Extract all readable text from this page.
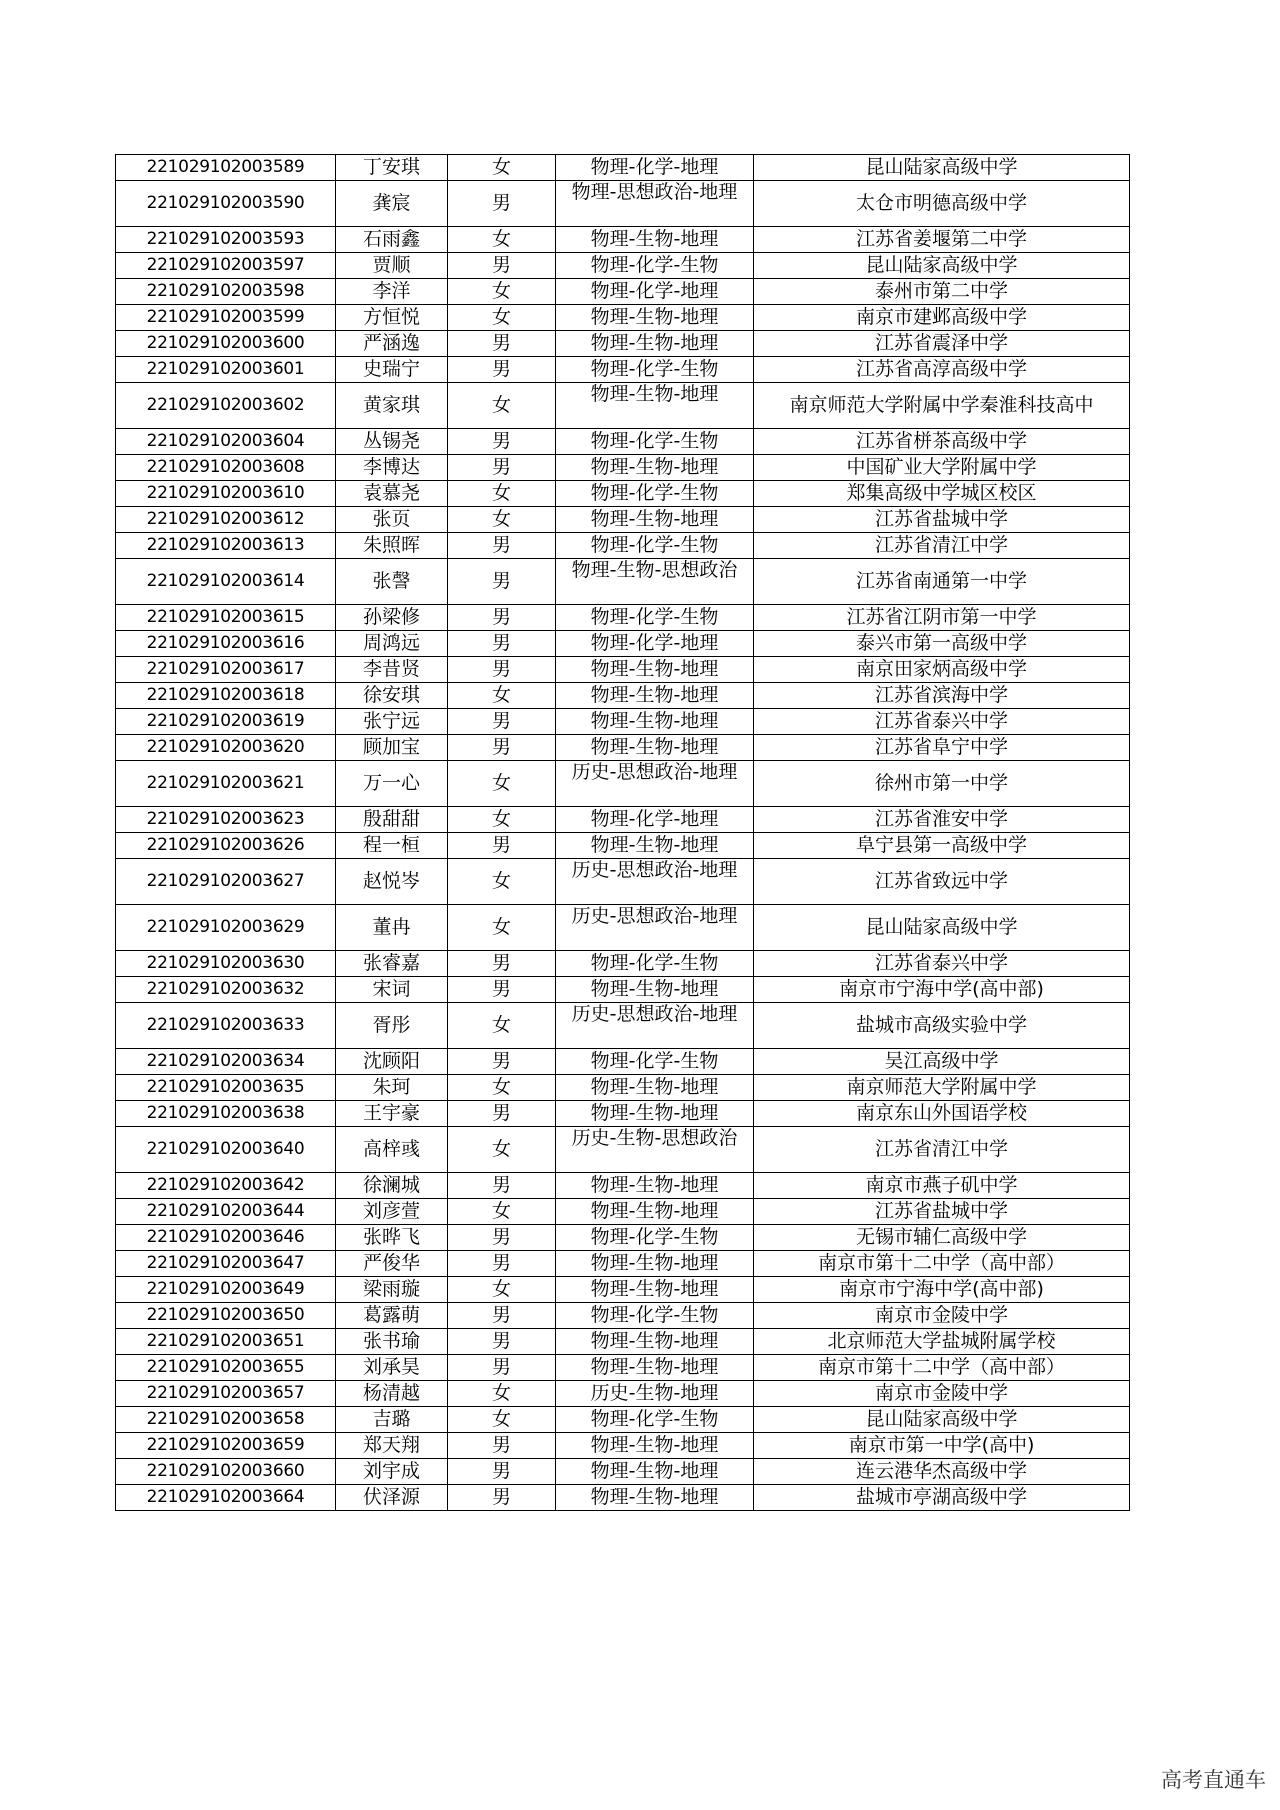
221029102003589	丁安琪	女	物理-化学-地理	昆山陆家高级中学
221029102003590	龚宸	男	物理-思想政治-地理	太仓市明德高级中学
221029102003593	石雨鑫	女	物理-生物-地理	江苏省姜堰第二中学
221029102003597	贾顺	男	物理-化学-生物	昆山陆家高级中学
221029102003598	李洋	女	物理-化学-地理	泰州市第二中学
221029102003599	方恒悦	女	物理-生物-地理	南京市建邺高级中学
221029102003600	严涵逸	男	物理-生物-地理	江苏省震泽中学
221029102003601	史瑞宁	男	物理-化学-生物	江苏省高淳高级中学
221029102003602	黄家琪	女	物理-生物-地理	南京师范大学附属中学秦淮科技高中
221029102003604	丛锡尧	男	物理-化学-生物	江苏省栟茶高级中学
221029102003608	李博达	男	物理-生物-地理	中国矿业大学附属中学
221029102003610	袁慕尧	女	物理-化学-生物	郑集高级中学城区校区
221029102003612	张页	女	物理-生物-地理	江苏省盐城中学
221029102003613	朱照晖	男	物理-化学-生物	江苏省清江中学
221029102003614	张謦	男	物理-生物-思想政治	江苏省南通第一中学
221029102003615	孙梁修	男	物理-化学-生物	江苏省江阴市第一中学
221029102003616	周鸿远	男	物理-化学-地理	泰兴市第一高级中学
221029102003617	李昔贤	男	物理-生物-地理	南京田家炳高级中学
221029102003618	徐安琪	女	物理-生物-地理	江苏省滨海中学
221029102003619	张宁远	男	物理-生物-地理	江苏省泰兴中学
221029102003620	顾加宝	男	物理-生物-地理	江苏省阜宁中学
221029102003621	万一心	女	历史-思想政治-地理	徐州市第一中学
221029102003623	殷甜甜	女	物理-化学-地理	江苏省淮安中学
221029102003626	程一桓	男	物理-生物-地理	阜宁县第一高级中学
221029102003627	赵悦岑	女	历史-思想政治-地理	江苏省致远中学
221029102003629	董冉	女	历史-思想政治-地理	昆山陆家高级中学
221029102003630	张睿嘉	男	物理-化学-生物	江苏省泰兴中学
221029102003632	宋词	男	物理-生物-地理	南京市宁海中学(高中部)
221029102003633	胥彤	女	历史-思想政治-地理	盐城市高级实验中学
221029102003634	沈顾阳	男	物理-化学-生物	吴江高级中学
221029102003635	朱珂	女	物理-生物-地理	南京师范大学附属中学
221029102003638	王宇豪	男	物理-生物-地理	南京东山外国语学校
221029102003640	高梓彧	女	历史-生物-思想政治	江苏省清江中学
221029102003642	徐澜城	男	物理-生物-地理	南京市燕子矶中学
221029102003644	刘彦萱	女	物理-生物-地理	江苏省盐城中学
221029102003646	张晔飞	男	物理-化学-生物	无锡市辅仁高级中学
221029102003647	严俊华	男	物理-生物-地理	南京市第十二中学（高中部）
221029102003649	梁雨璇	女	物理-生物-地理	南京市宁海中学(高中部)
221029102003650	葛露萌	男	物理-化学-生物	南京市金陵中学
221029102003651	张书瑜	男	物理-生物-地理	北京师范大学盐城附属学校
221029102003655	刘承昊	男	物理-生物-地理	南京市第十二中学（高中部）
221029102003657	杨清越	女	历史-生物-地理	南京市金陵中学
221029102003658	吉璐	女	物理-化学-生物	昆山陆家高级中学
221029102003659	郑天翔	男	物理-生物-地理	南京市第一中学(高中)
221029102003660	刘宇成	男	物理-生物-地理	连云港华杰高级中学
221029102003664	伏泽源	男	物理-生物-地理	盐城市亭湖高级中学
高考直通车
